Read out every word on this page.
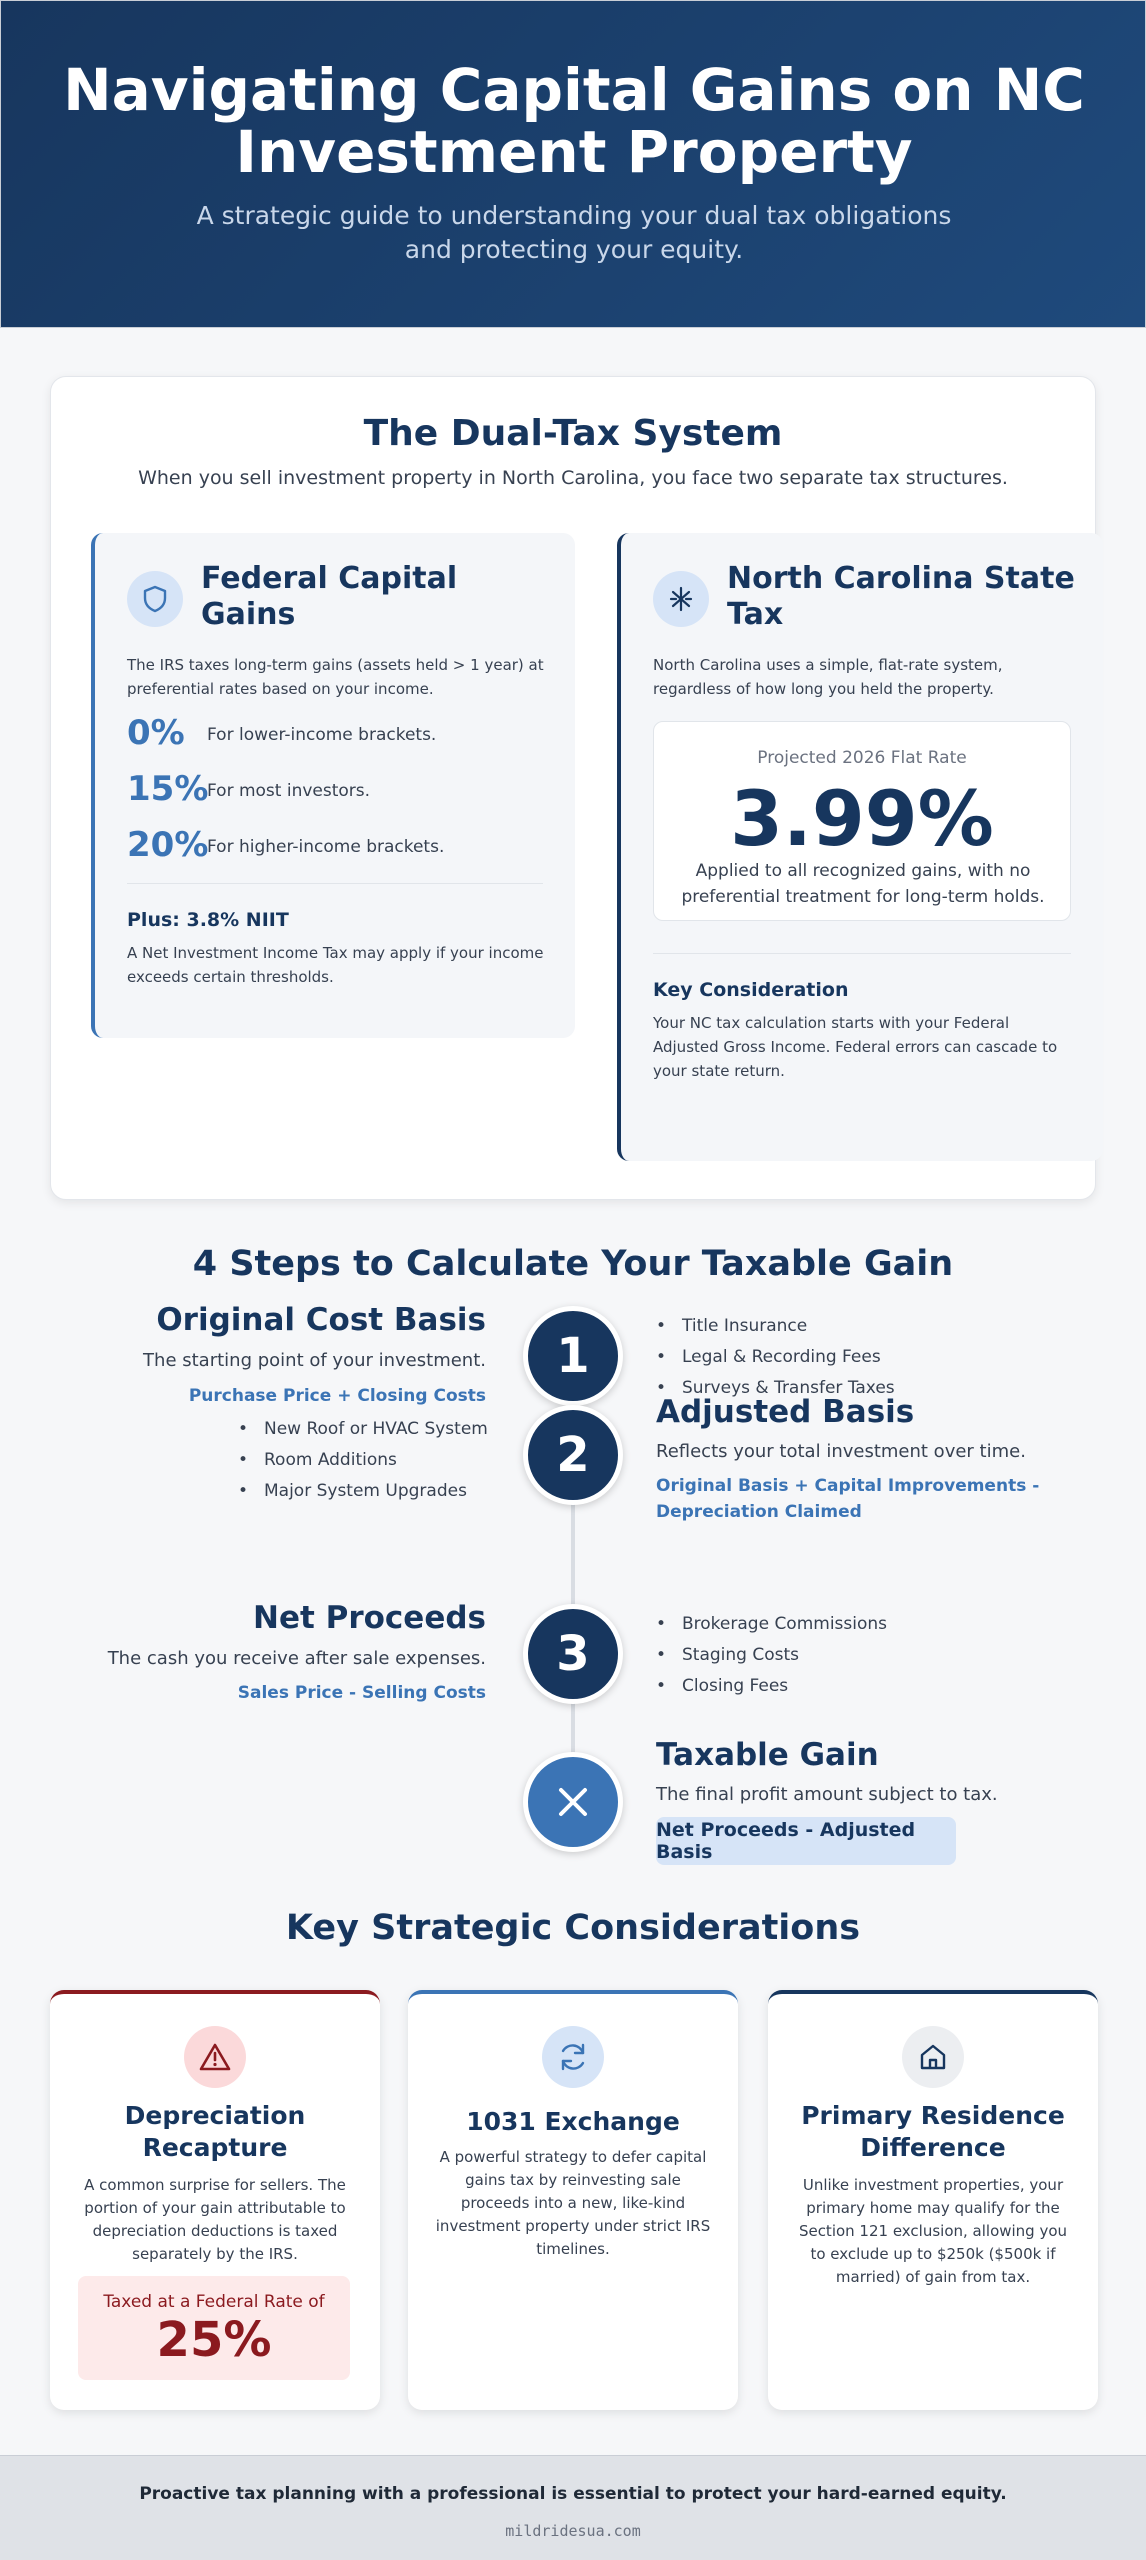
Navigating Capital Gains on NC Investment Property

A strategic guide to understanding your dual tax obligations and protecting your equity.

The Dual-Tax System
When you sell investment property in North Carolina, you face two separate tax structures.
Federal Capital Gains
The IRS taxes long-term gains (assets held > 1 year) at preferential rates based on your income.
0% For lower-income brackets.
15%
For most investors.
20%
For higher-income brackets.
Plus: 3.8% NIIT
A Net Investment Income Tax may apply if your income exceeds certain thresholds.
North Carolina State Tax
North Carolina uses a simple, flat-rate system, regardless of how long you held the property.
Projected 2026 Flat Rate
3.99%
Applied to all recognized gains, with no preferential treatment for long-term holds.
Key Consideration
Your NC tax calculation starts with your Federal Adjusted Gross Income. Federal errors can cascade to your state return.
4 Steps to Calculate Your Taxable Gain
Original Cost Basis
The starting point of your investment.
Purchase Price + Closing Costs
1
• Title Insurance
• Legal & Recording Fees
• Surveys & Transfer Taxes
• New Roof or HVAC System
• Room Additions
• Major System Upgrades
2
Adjusted Basis
Reflects your total investment over time.
Original Basis + Capital Improvements - Depreciation Claimed
Net Proceeds
The cash you receive after sale expenses.
Sales Price - Selling Costs
3
• Brokerage Commissions
• Staging Costs
• Closing Fees
Taxable Gain
The final profit amount subject to tax.
Net Proceeds - Adjusted Basis
Key Strategic Considerations
Depreciation Recapture
A common surprise for sellers. The portion of your gain attributable to depreciation deductions is taxed separately by the IRS.
Taxed at a Federal Rate of
25%
1031 Exchange
A powerful strategy to defer capital gains tax by reinvesting sale proceeds into a new, like-kind investment property under strict IRS timelines.
Primary Residence Difference
Unlike investment properties, your primary home may qualify for the Section 121 exclusion, allowing you to exclude up to $250k ($500k if married) of gain from tax.
Proactive tax planning with a professional is essential to protect your hard-earned equity.
mildridesua.com
